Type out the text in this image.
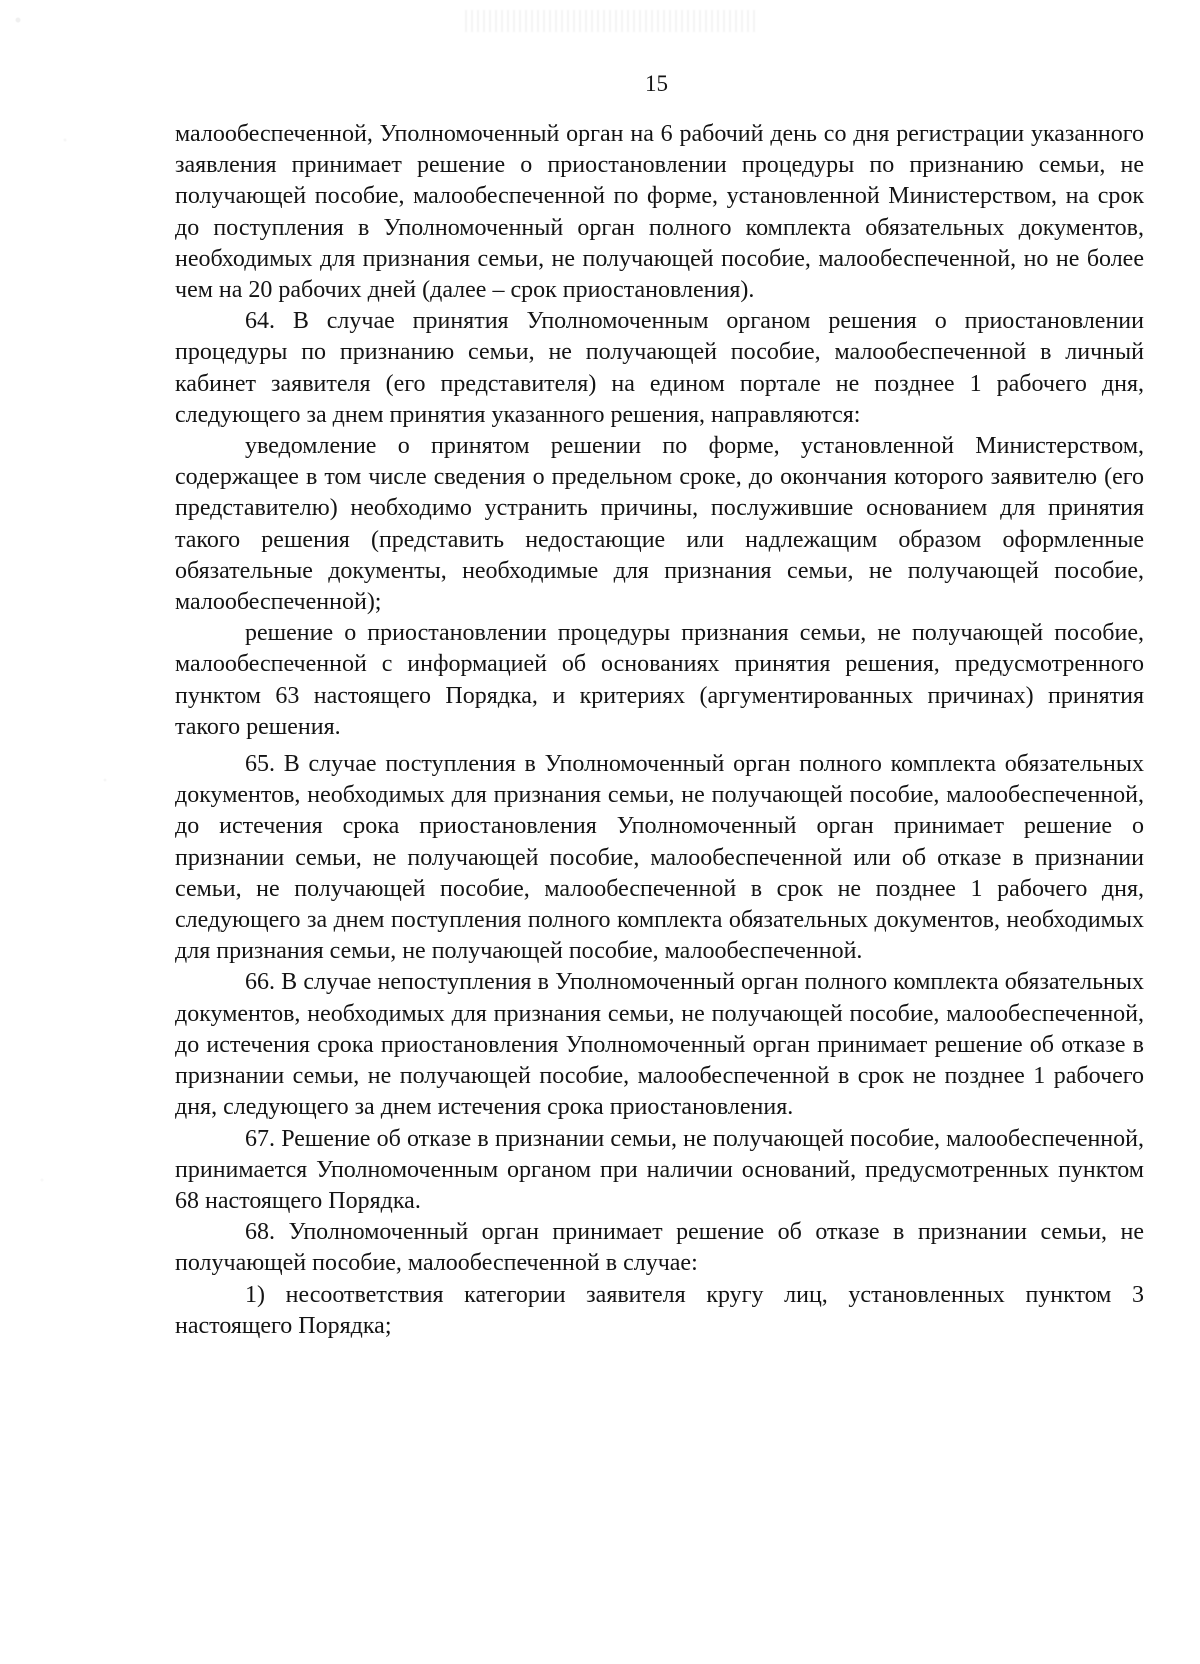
15

малообеспеченной, Уполномоченный орган на 6 рабочий день со дня регистрации указанного заявления принимает решение о приостановлении процедуры по признанию семьи, не получающей пособие, малообеспеченной по форме, установленной Министерством, на срок до поступления в Уполномоченный орган полного комплекта обязательных документов, необходимых для признания семьи, не получающей пособие, малообеспеченной, но не более чем на 20 рабочих дней (далее – срок приостановления).

64. В случае принятия Уполномоченным органом решения о приостановлении процедуры по признанию семьи, не получающей пособие, малообеспеченной в личный кабинет заявителя (его представителя) на едином портале не позднее 1 рабочего дня, следующего за днем принятия указанного решения, направляются:

уведомление о принятом решении по форме, установленной Министерством, содержащее в том числе сведения о предельном сроке, до окончания которого заявителю (его представителю) необходимо устранить причины, послужившие основанием для принятия такого решения (представить недостающие или надлежащим образом оформленные обязательные документы, необходимые для признания семьи, не получающей пособие, малообеспеченной);

решение о приостановлении процедуры признания семьи, не получающей пособие, малообеспеченной с информацией об основаниях принятия решения, предусмотренного пунктом 63 настоящего Порядка, и критериях (аргументированных причинах) принятия такого решения.

65. В случае поступления в Уполномоченный орган полного комплекта обязательных документов, необходимых для признания семьи, не получающей пособие, малообеспеченной, до истечения срока приостановления Уполномоченный орган принимает решение о признании семьи, не получающей пособие, малообеспеченной или об отказе в признании семьи, не получающей пособие, малообеспеченной в срок не позднее 1 рабочего дня, следующего за днем поступления полного комплекта обязательных документов, необходимых для признания семьи, не получающей пособие, малообеспеченной.

66. В случае непоступления в Уполномоченный орган полного комплекта обязательных документов, необходимых для признания семьи, не получающей пособие, малообеспеченной, до истечения срока приостановления Уполномоченный орган принимает решение об отказе в признании семьи, не получающей пособие, малообеспеченной в срок не позднее 1 рабочего дня, следующего за днем истечения срока приостановления.

67. Решение об отказе в признании семьи, не получающей пособие, малообеспеченной, принимается Уполномоченным органом при наличии оснований, предусмотренных пунктом 68 настоящего Порядка.

68. Уполномоченный орган принимает решение об отказе в признании семьи, не получающей пособие, малообеспеченной в случае:

1) несоответствия категории заявителя кругу лиц, установленных пунктом 3 настоящего Порядка;
